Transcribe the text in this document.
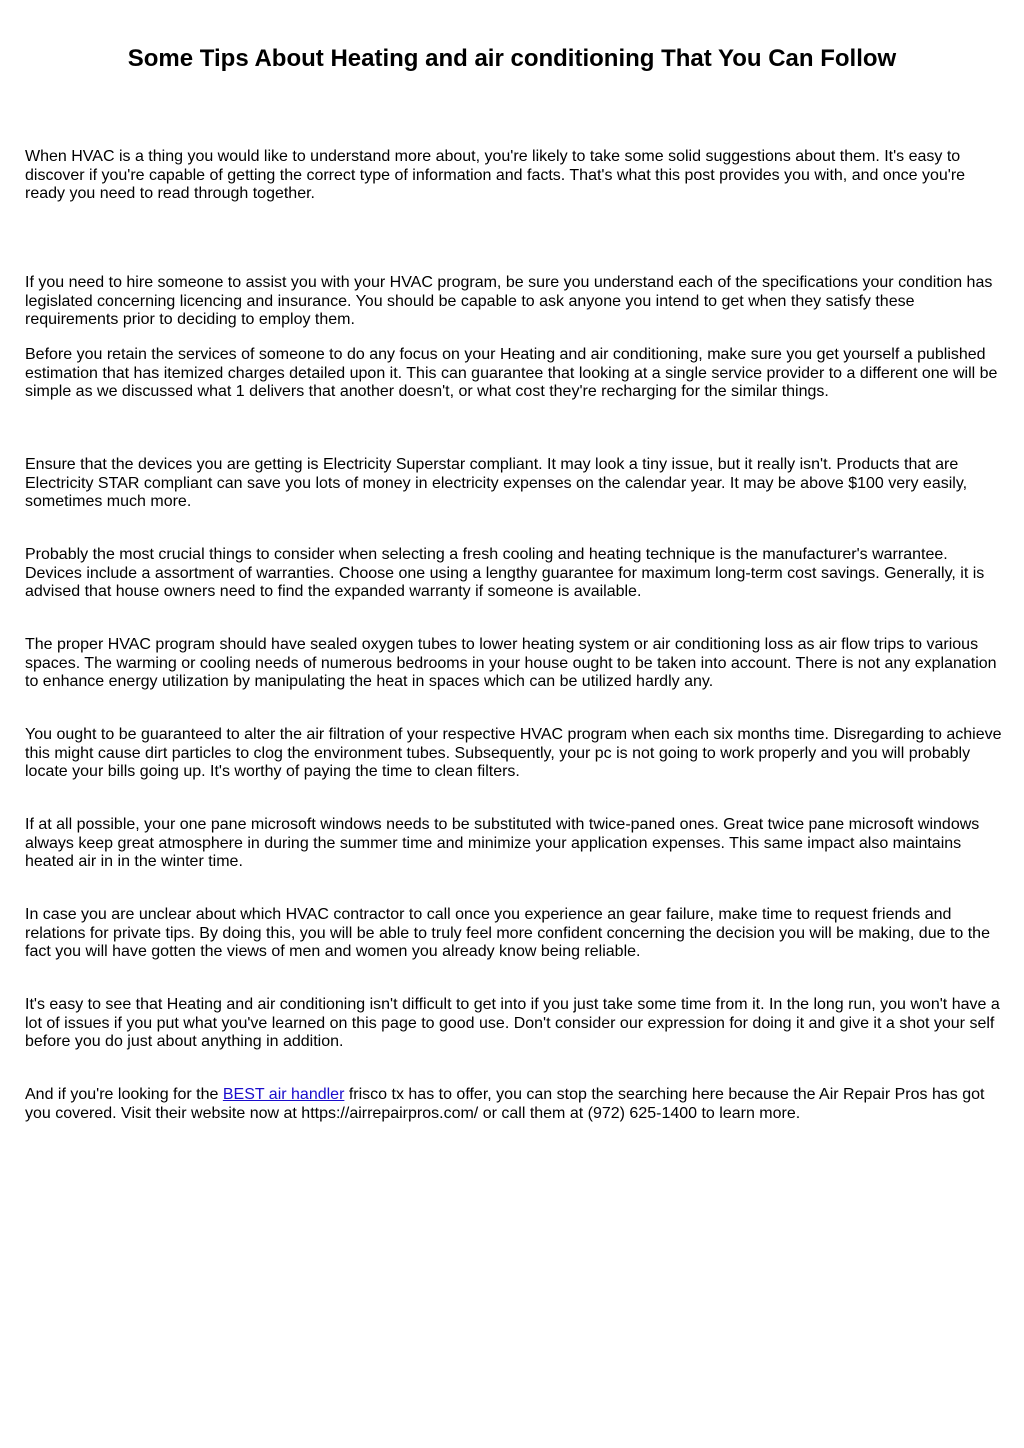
Some Tips About Heating and air conditioning That You Can Follow

When HVAC is a thing you would like to understand more about, you're likely to take some solid suggestions about them. It's easy to discover if you're capable of getting the correct type of information and facts. That's what this post provides you with, and once you're ready you need to read through together.

If you need to hire someone to assist you with your HVAC program, be sure you understand each of the specifications your condition has legislated concerning licencing and insurance. You should be capable to ask anyone you intend to get when they satisfy these requirements prior to deciding to employ them.

Before you retain the services of someone to do any focus on your Heating and air conditioning, make sure you get yourself a published estimation that has itemized charges detailed upon it. This can guarantee that looking at a single service provider to a different one will be simple as we discussed what 1 delivers that another doesn't, or what cost they're recharging for the similar things.

Ensure that the devices you are getting is Electricity Superstar compliant. It may look a tiny issue, but it really isn't. Products that are Electricity STAR compliant can save you lots of money in electricity expenses on the calendar year. It may be above $100 very easily, sometimes much more.

Probably the most crucial things to consider when selecting a fresh cooling and heating technique is the manufacturer's warrantee. Devices include a assortment of warranties. Choose one using a lengthy guarantee for maximum long-term cost savings. Generally, it is advised that house owners need to find the expanded warranty if someone is available.

The proper HVAC program should have sealed oxygen tubes to lower heating system or air conditioning loss as air flow trips to various spaces. The warming or cooling needs of numerous bedrooms in your house ought to be taken into account. There is not any explanation to enhance energy utilization by manipulating the heat in spaces which can be utilized hardly any.

You ought to be guaranteed to alter the air filtration of your respective HVAC program when each six months time. Disregarding to achieve this might cause dirt particles to clog the environment tubes. Subsequently, your pc is not going to work properly and you will probably locate your bills going up. It's worthy of paying the time to clean filters.

If at all possible, your one pane microsoft windows needs to be substituted with twice-paned ones. Great twice pane microsoft windows always keep great atmosphere in during the summer time and minimize your application expenses. This same impact also maintains heated air in in the winter time.

In case you are unclear about which HVAC contractor to call once you experience an gear failure, make time to request friends and relations for private tips. By doing this, you will be able to truly feel more confident concerning the decision you will be making, due to the fact you will have gotten the views of men and women you already know being reliable.

It's easy to see that Heating and air conditioning isn't difficult to get into if you just take some time from it. In the long run, you won't have a lot of issues if you put what you've learned on this page to good use. Don't consider our expression for doing it and give it a shot your self before you do just about anything in addition.

And if you're looking for the BEST air handler frisco tx has to offer, you can stop the searching here because the Air Repair Pros has got you covered. Visit their website now at https://airrepairpros.com/ or call them at (972) 625-1400 to learn more.
